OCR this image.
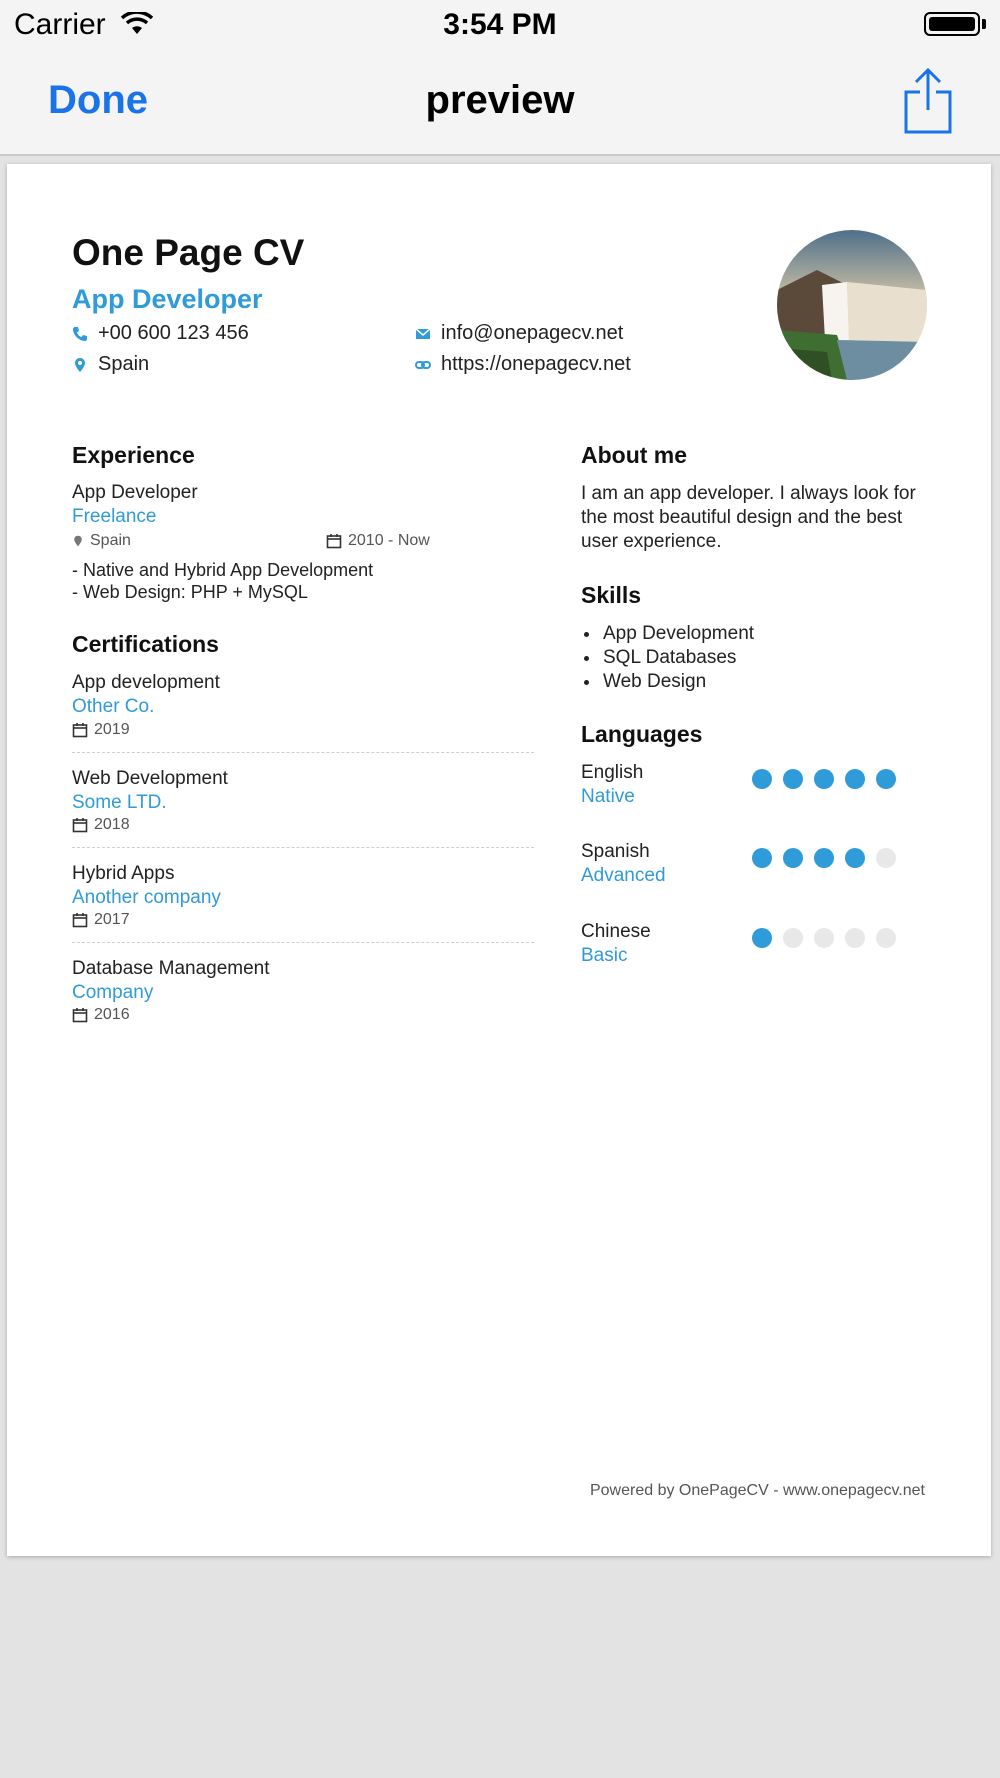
Carrier	3:54 PM
Done	preview
One Page CV
App Developer
+00 600 123 456	info@onepagecv.net
Spain	https://onepagecv.net
Experience
App Developer
Freelance
Spain	2010 - Now
- Native and Hybrid App Development
- Web Design: PHP + MySQL
Certifications
App development
Other Co.
2019
Web Development
Some LTD.
2018
Hybrid Apps
Another company
2017
Database Management
Company
2016
About me
I am an app developer. I always look for the most beautiful design and the best user experience.
Skills
• App Development
• SQL Databases
• Web Design
Languages
English
Native
Spanish
Advanced
Chinese
Basic
Powered by OnePageCV - www.onepagecv.net
